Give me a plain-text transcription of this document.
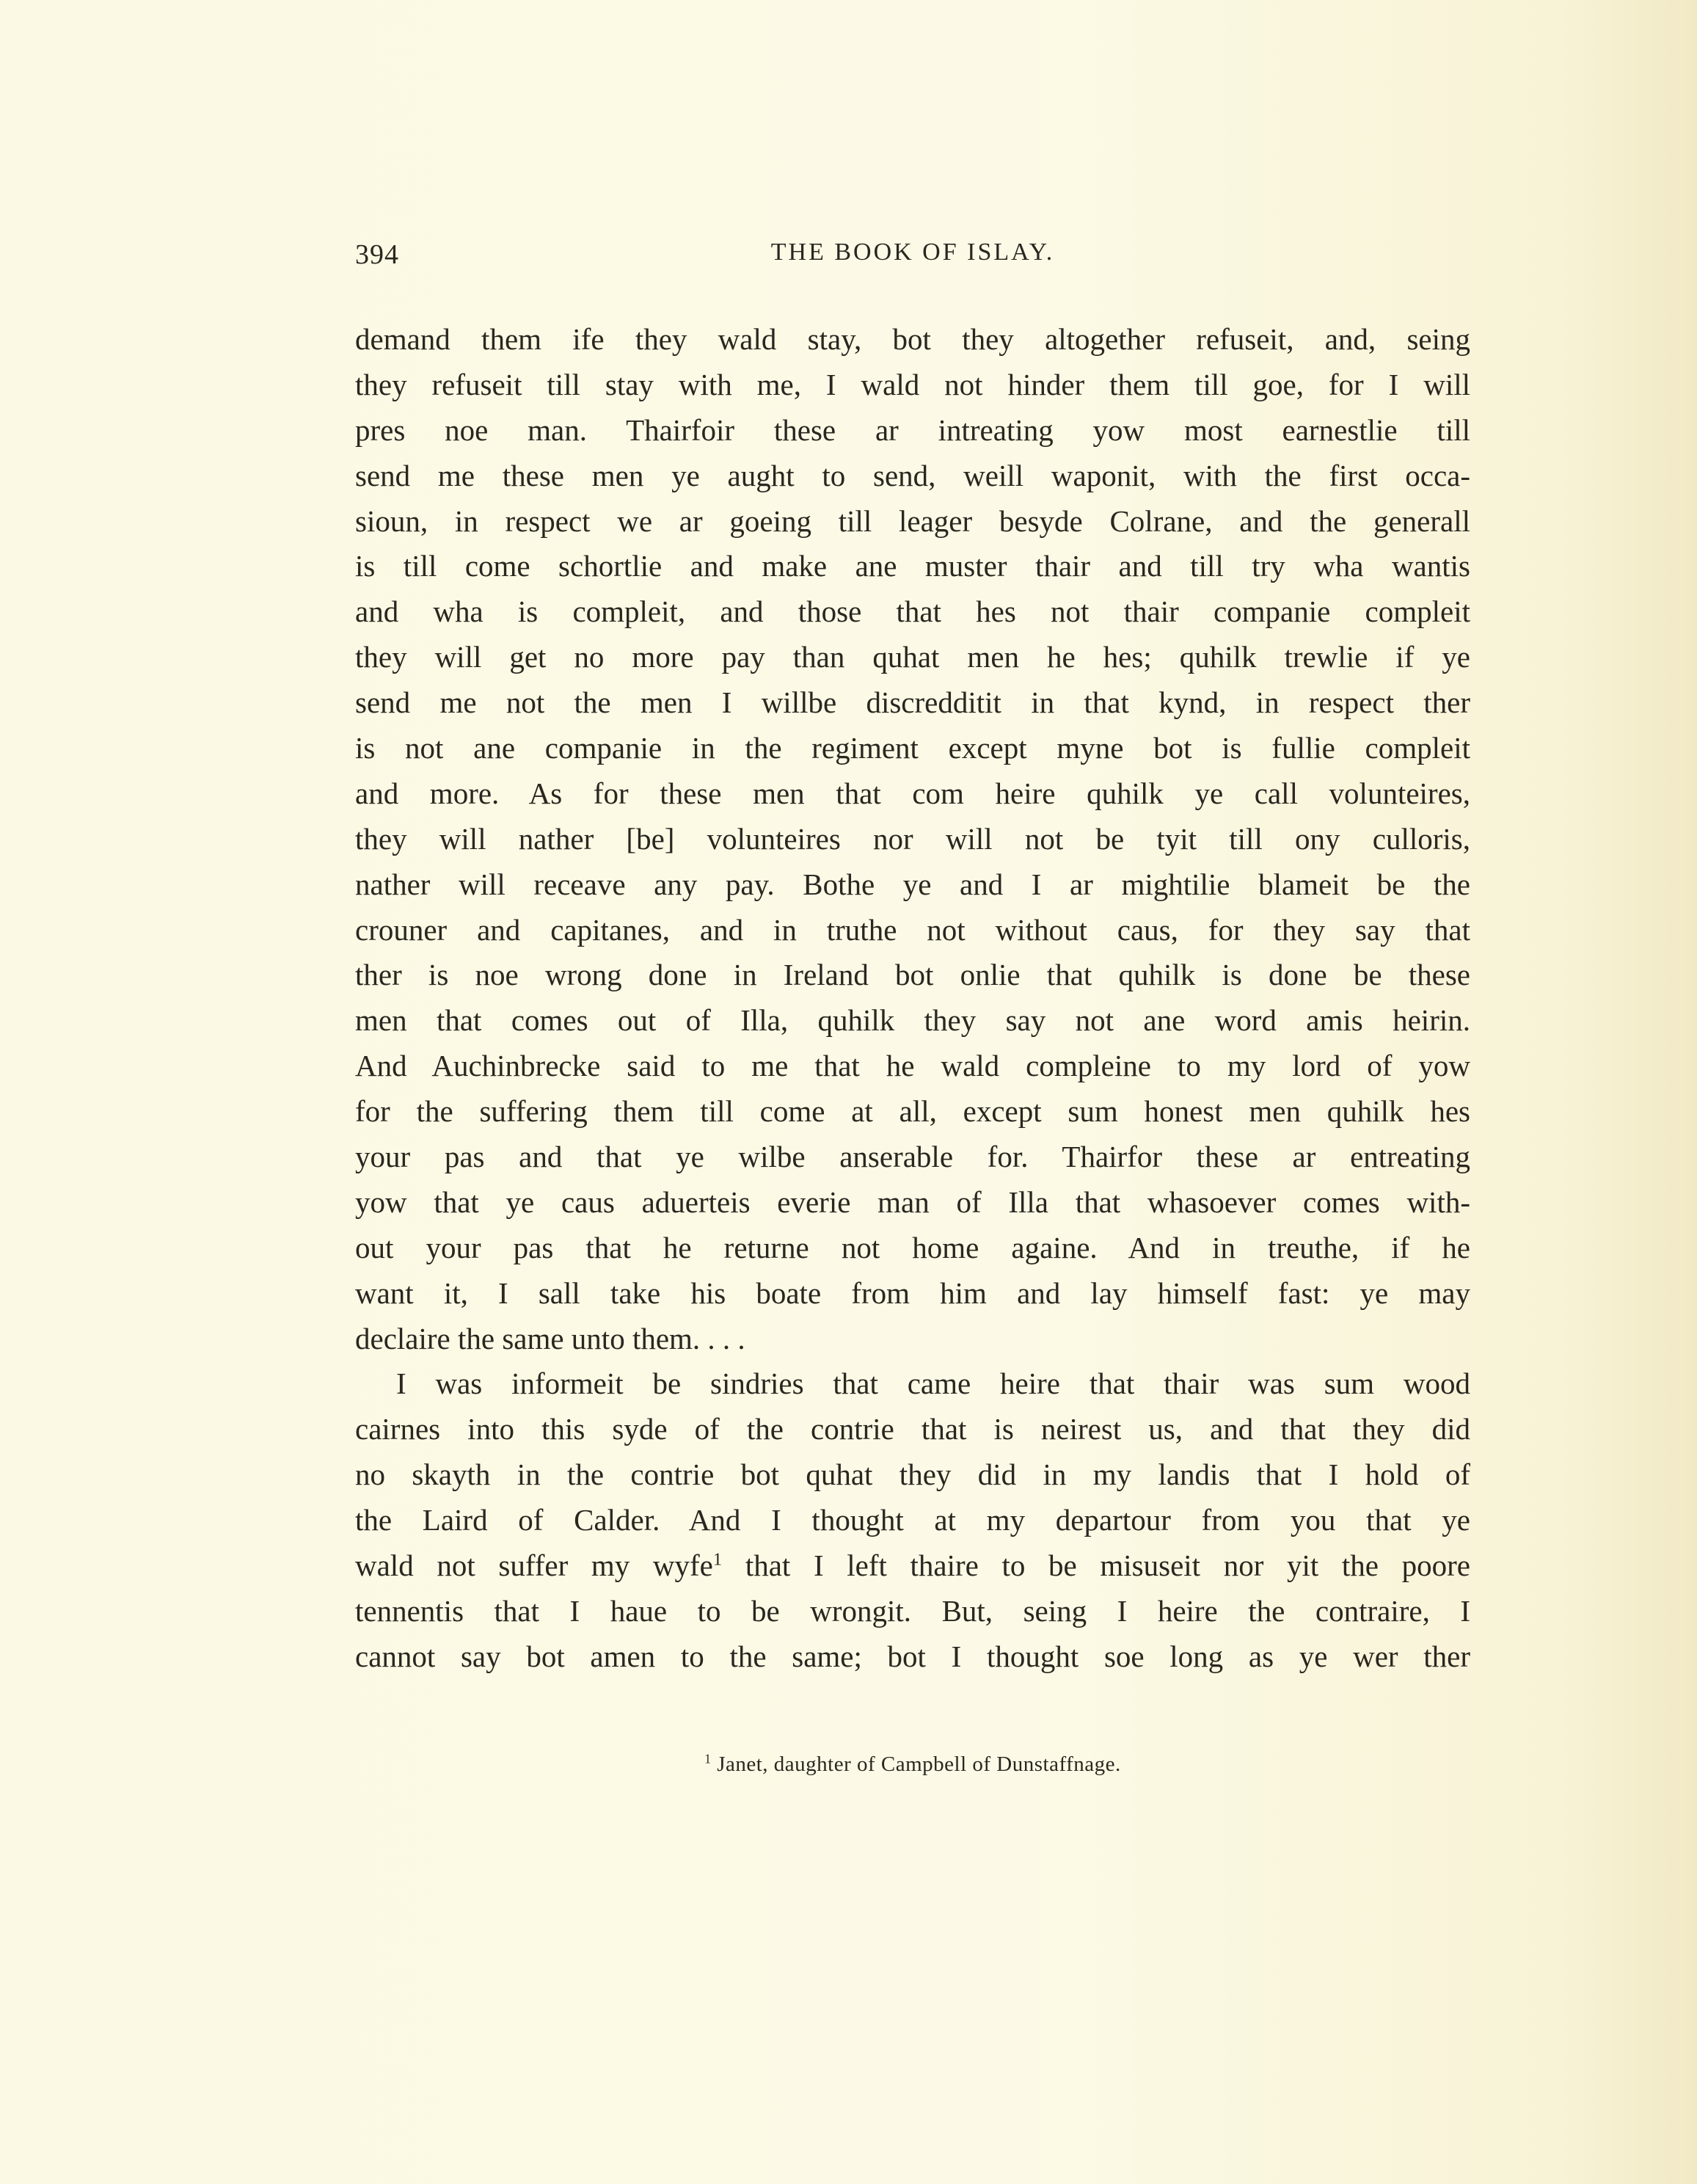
394	THE BOOK OF ISLAY.
demand them ife they wald stay, bot they altogether refuseit, and, seing
they refuseit till stay with me, I wald not hinder them till goe, for I will
pres noe man. Thairfoir these ar intreating yow most earnestlie till
send me these men ye aught to send, weill waponit, with the first occa-
sioun, in respect we ar goeing till leager besyde Colrane, and the generall
is till come schortlie and make ane muster thair and till try wha wantis
and wha is compleit, and those that hes not thair companie compleit
they will get no more pay than quhat men he hes; quhilk trewlie if ye
send me not the men I willbe discredditit in that kynd, in respect ther
is not ane companie in the regiment except myne bot is fullie compleit
and more. As for these men that com heire quhilk ye call volunteires,
they will nather [be] volunteires nor will not be tyit till ony culloris,
nather will receave any pay. Bothe ye and I ar mightilie blameit be the
crouner and capitanes, and in truthe not without caus, for they say that
ther is noe wrong done in Ireland bot onlie that quhilk is done be these
men that comes out of Illa, quhilk they say not ane word amis heirin.
And Auchinbrecke said to me that he wald compleine to my lord of yow
for the suffering them till come at all, except sum honest men quhilk hes
your pas and that ye wilbe anserable for. Thairfor these ar entreating
yow that ye caus aduerteis everie man of Illa that whasoever comes with-
out your pas that he returne not home againe. And in treuthe, if he
want it, I sall take his boate from him and lay himself fast: ye may
declaire the same unto them. . . .
I was informeit be sindries that came heire that thair was sum wood
cairnes into this syde of the contrie that is neirest us, and that they did
no skayth in the contrie bot quhat they did in my landis that I hold of
the Laird of Calder. And I thought at my departour from you that ye
wald not suffer my wyfe$^1$ that I left thaire to be misuseit nor yit the poore
tennentis that I haue to be wrongit. But, seing I heire the contraire, I
cannot say bot amen to the same; bot I thought soe long as ye wer ther
$^1$ Janet, daughter of Campbell of Dunstaffnage.
